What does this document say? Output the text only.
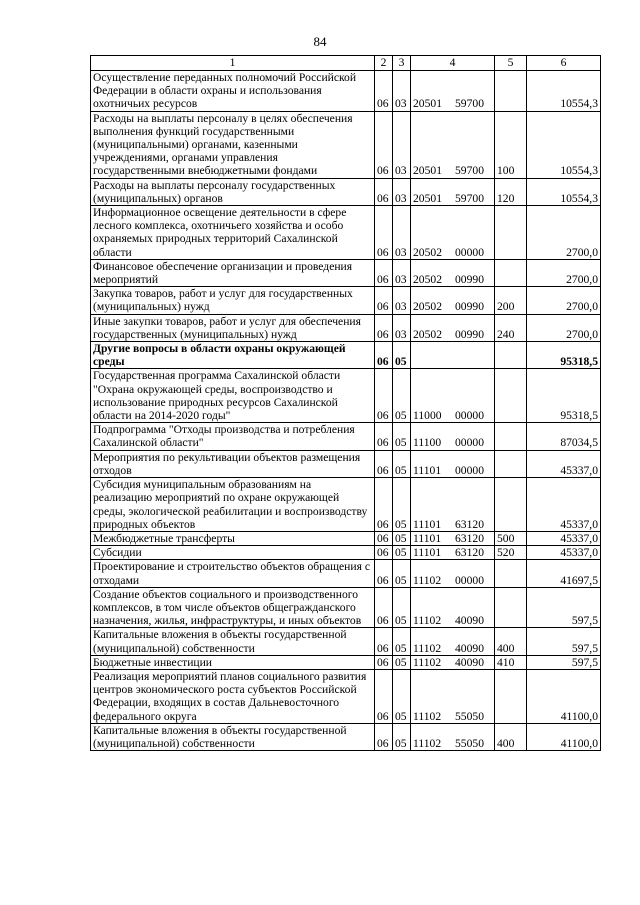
84
1	2	3	4	5	6
Осуществление переданных полномочий Российской Федерации в области охраны и использования охотничьих ресурсов	06	03	20501 59700		10554,3
Расходы на выплаты персоналу в целях обеспечения выполнения функций государственными (муниципальными) органами, казенными учреждениями, органами управления государственными внебюджетными фондами	06	03	20501 59700	100	10554,3
Расходы на выплаты персоналу государственных (муниципальных) органов	06	03	20501 59700	120	10554,3
Информационное освещение деятельности в сфере лесного комплекса, охотничьего хозяйства и особо охраняемых природных территорий Сахалинской области	06	03	20502 00000		2700,0
Финансовое обеспечение организации и проведения мероприятий	06	03	20502 00990		2700,0
Закупка товаров, работ и услуг для государственных (муниципальных) нужд	06	03	20502 00990	200	2700,0
Иные закупки товаров, работ и услуг для обеспечения государственных (муниципальных) нужд	06	03	20502 00990	240	2700,0
Другие вопросы в области охраны окружающей среды	06	05			95318,5
Государственная программа Сахалинской области "Охрана окружающей среды, воспроизводство и использование природных ресурсов Сахалинской области на 2014-2020 годы"	06	05	11000 00000		95318,5
Подпрограмма "Отходы производства и потребления Сахалинской области"	06	05	11100 00000		87034,5
Мероприятия по рекультивации объектов размещения отходов	06	05	11101 00000		45337,0
Субсидия муниципальным образованиям на реализацию мероприятий по охране окружающей среды, экологической реабилитации и воспроизводству природных объектов	06	05	11101 63120		45337,0
Межбюджетные трансферты	06	05	11101 63120	500	45337,0
Субсидии	06	05	11101 63120	520	45337,0
Проектирование и строительство объектов обращения с отходами	06	05	11102 00000		41697,5
Создание объектов социального и производственного комплексов, в том числе объектов общегражданского назначения, жилья, инфраструктуры, и иных объектов	06	05	11102 40090		597,5
Капитальные вложения в объекты государственной (муниципальной) собственности	06	05	11102 40090	400	597,5
Бюджетные инвестиции	06	05	11102 40090	410	597,5
Реализация мероприятий планов социального развития центров экономического роста субъектов Российской Федерации, входящих в состав Дальневосточного федерального округа	06	05	11102 55050		41100,0
Капитальные вложения в объекты государственной (муниципальной) собственности	06	05	11102 55050	400	41100,0
